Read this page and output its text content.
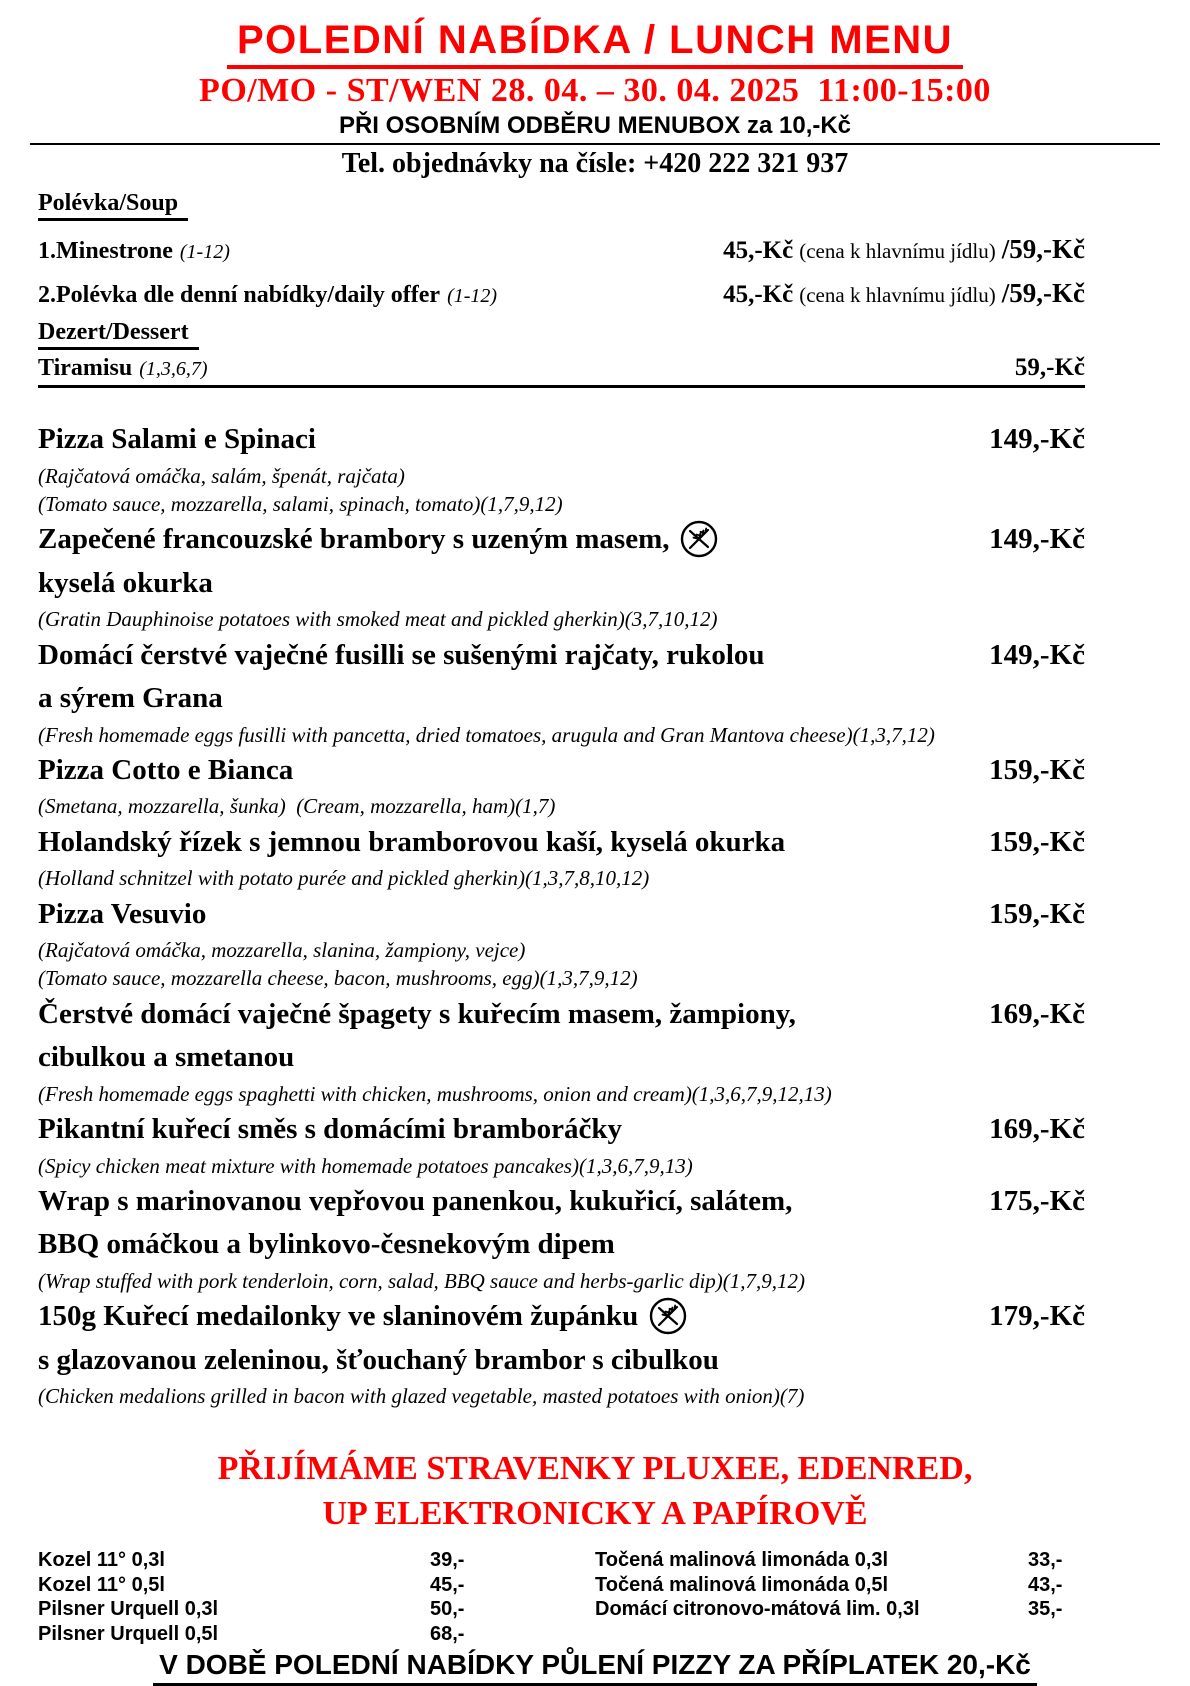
POLEDNÍ NABÍDKA / LUNCH MENU
PO/MO - ST/WEN 28. 04. – 30. 04. 2025  11:00-15:00
PŘI OSOBNÍM ODBĚRU MENUBOX za 10,-Kč
Tel. objednávky na čísle: +420 222 321 937
Polévka/Soup
1.Minestrone (1-12)	45,-Kč (cena k hlavnímu jídlu) /59,-Kč
2.Polévka dle denní nabídky/daily offer (1-12)	45,-Kč (cena k hlavnímu jídlu) /59,-Kč
Dezert/Dessert
Tiramisu (1,3,6,7)	59,-Kč
Pizza Salami e Spinaci	149,-Kč
(Rajčatová omáčka, salám, špenát, rajčata)
(Tomato sauce, mozzarella, salami, spinach, tomato)(1,7,9,12)
Zapečené francouzské brambory s uzeným masem,
kyselá okurka
149,-Kč
(Gratin Dauphinoise potatoes with smoked meat and pickled gherkin)(3,7,10,12)
Domácí čerstvé vaječné fusilli se sušenými rajčaty, rukolou
a sýrem Grana
149,-Kč
(Fresh homemade eggs fusilli with pancetta, dried tomatoes, arugula and Gran Mantova cheese)(1,3,7,12)
Pizza Cotto e Bianca	159,-Kč
(Smetana, mozzarella, šunka)  (Cream, mozzarella, ham)(1,7)
Holandský řízek s jemnou bramborovou kaší, kyselá okurka	159,-Kč
(Holland schnitzel with potato purée and pickled gherkin)(1,3,7,8,10,12)
Pizza Vesuvio	159,-Kč
(Rajčatová omáčka, mozzarella, slanina, žampiony, vejce)
(Tomato sauce, mozzarella cheese, bacon, mushrooms, egg)(1,3,7,9,12)
Čerstvé domácí vaječné špagety s kuřecím masem, žampiony,
cibulkou a smetanou
169,-Kč
(Fresh homemade eggs spaghetti with chicken, mushrooms, onion and cream)(1,3,6,7,9,12,13)
Pikantní kuřecí směs s domácími bramboráčky	169,-Kč
(Spicy chicken meat mixture with homemade potatoes pancakes)(1,3,6,7,9,13)
Wrap s marinovanou vepřovou panenkou, kukuřicí, salátem,
BBQ omáčkou a bylinkovo-česnekovým dipem
175,-Kč
(Wrap stuffed with pork tenderloin, corn, salad, BBQ sauce and herbs-garlic dip)(1,7,9,12)
150g Kuřecí medailonky ve slaninovém župánku
s glazovanou zeleninou, šťouchaný brambor s cibulkou
179,-Kč
(Chicken medalions grilled in bacon with glazed vegetable, masted potatoes with onion)(7)
PŘIJÍMÁME STRAVENKY PLUXEE, EDENRED,
UP ELEKTRONICKY A PAPÍROVĚ
Kozel 11° 0,3l	39,-	Točená malinová limonáda 0,3l	33,-
Kozel 11° 0,5l	45,-	Točená malinová limonáda 0,5l	43,-
Pilsner Urquell 0,3l	50,-	Domácí citronovo-mátová lim. 0,3l	35,-
Pilsner Urquell 0,5l	68,-
V DOBĚ POLEDNÍ NABÍDKY PŮLENÍ PIZZY ZA PŘÍPLATEK 20,-Kč
